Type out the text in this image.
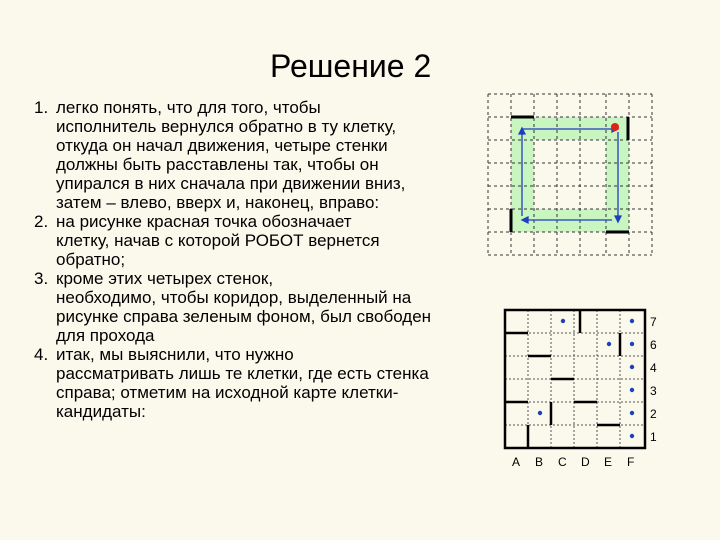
Решение 2
1. легко понять, что для того, чтобы
исполнитель вернулся обратно в ту клетку, откуда он начал движения, четыре стенки должны быть расставлены так, чтобы он упирался в них сначала при движении вниз, затем – влево, вверх и, наконец, вправо:
2. на рисунке красная точка обозначает
клетку, начав с которой РОБОТ вернется обратно;
3. кроме этих четырех стенок,
необходимо, чтобы коридор, выделенный на рисунке справа зеленым фоном, был свободен для прохода
4. итак, мы выяснили, что нужно
рассматривать лишь те клетки, где есть стенка справа; отметим на исходной карте клетки-кандидаты:
7
6
4
3
2
1
A B C D E F
